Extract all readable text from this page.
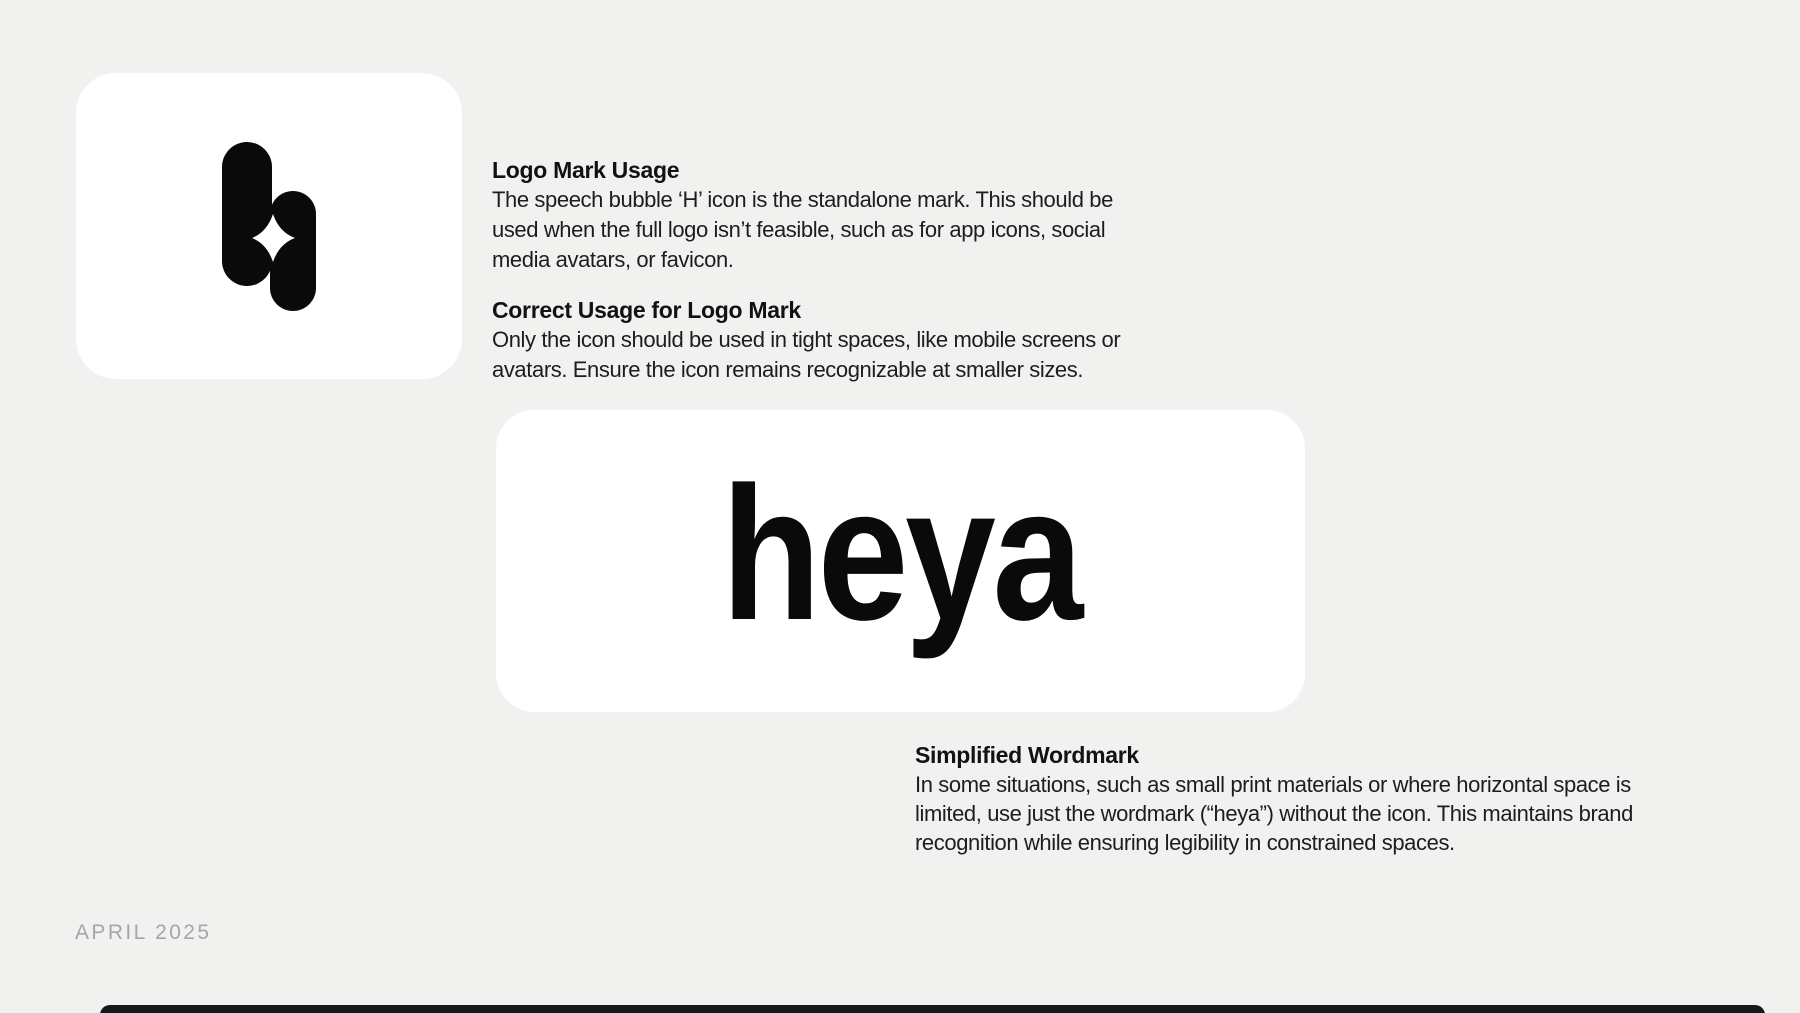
Logo Mark Usage
The speech bubble ‘H’ icon is the standalone mark. This should be
used when the full logo isn’t feasible, such as for app icons, social
media avatars, or favicon.
Correct Usage for Logo Mark
Only the icon should be used in tight spaces, like mobile screens or
avatars. Ensure the icon remains recognizable at smaller sizes.
heya
Simplified Wordmark
In some situations, such as small print materials or where horizontal space is
limited, use just the wordmark (“heya”) without the icon. This maintains brand
recognition while ensuring legibility in constrained spaces.
APRIL 2025
